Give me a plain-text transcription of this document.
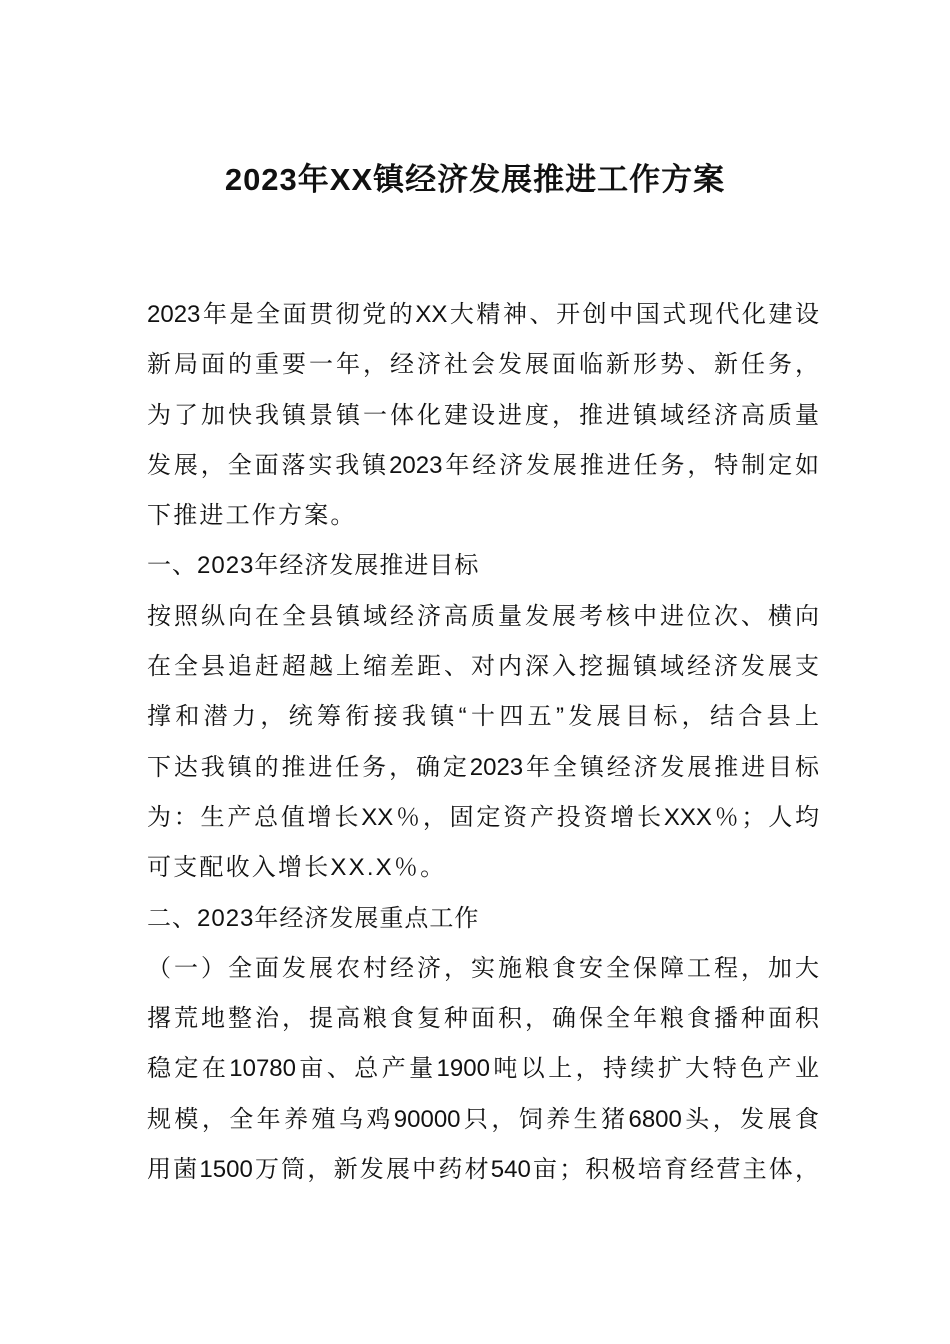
2023年XX镇经济发展推进工作方案

2023年是全面贯彻党的XX大精神、开创中国式现代化建设

新局面的重要一年，经济社会发展面临新形势、新任务，

为了加快我镇景镇一体化建设进度，推进镇域经济高质量

发展，全面落实我镇2023年经济发展推进任务，特制定如

下推进工作方案。

一、2023年经济发展推进目标

按照纵向在全县镇域经济高质量发展考核中进位次、横向

在全县追赶超越上缩差距、对内深入挖掘镇域经济发展支

撑和潜力，统筹衔接我镇“十四五”发展目标，结合县上

下达我镇的推进任务，确定2023年全镇经济发展推进目标

为：生产总值增长XX％，固定资产投资增长XXX％；人均

可支配收入增长XX.X％。

二、2023年经济发展重点工作

（一）全面发展农村经济，实施粮食安全保障工程，加大

撂荒地整治，提高粮食复种面积，确保全年粮食播种面积

稳定在10780亩、总产量1900吨以上，持续扩大特色产业

规模，全年养殖乌鸡90000只，饲养生猪6800头，发展食

用菌1500万筒，新发展中药材540亩；积极培育经营主体，
